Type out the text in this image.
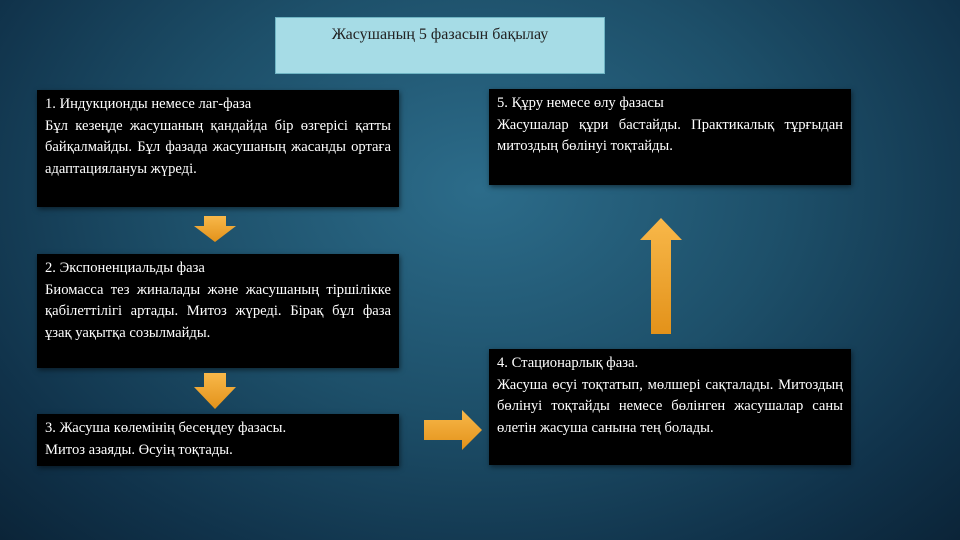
Жасушаның 5 фазасын бақылау
1. Индукционды немесе лаг-фаза
Бұл кезеңде жасушаның қандайда бір өзгерісі қатты байқалмайды. Бұл фазада жасушаның жасанды ортаға адаптациялануы жүреді.
2. Экспоненциальды фаза
Биомасса тез жиналады және жасушаның тіршілікке қабілеттілігі артады. Митоз жүреді. Бірақ бұл фаза ұзақ уақытқа созылмайды.
3. Жасуша көлемінің бесеңдеу фазасы.
Митоз азаяды. Өсуің тоқтады.
4. Стационарлық фаза.
Жасуша өсуі тоқтатып, мөлшері сақталады. Митоздың бөлінуі тоқтайды немесе бөлінген жасушалар саны өлетін жасуша санына тең болады.
5. Құру немесе өлу фазасы
Жасушалар құри бастайды. Практикалық тұрғыдан митоздың бөлінуі тоқтайды.
